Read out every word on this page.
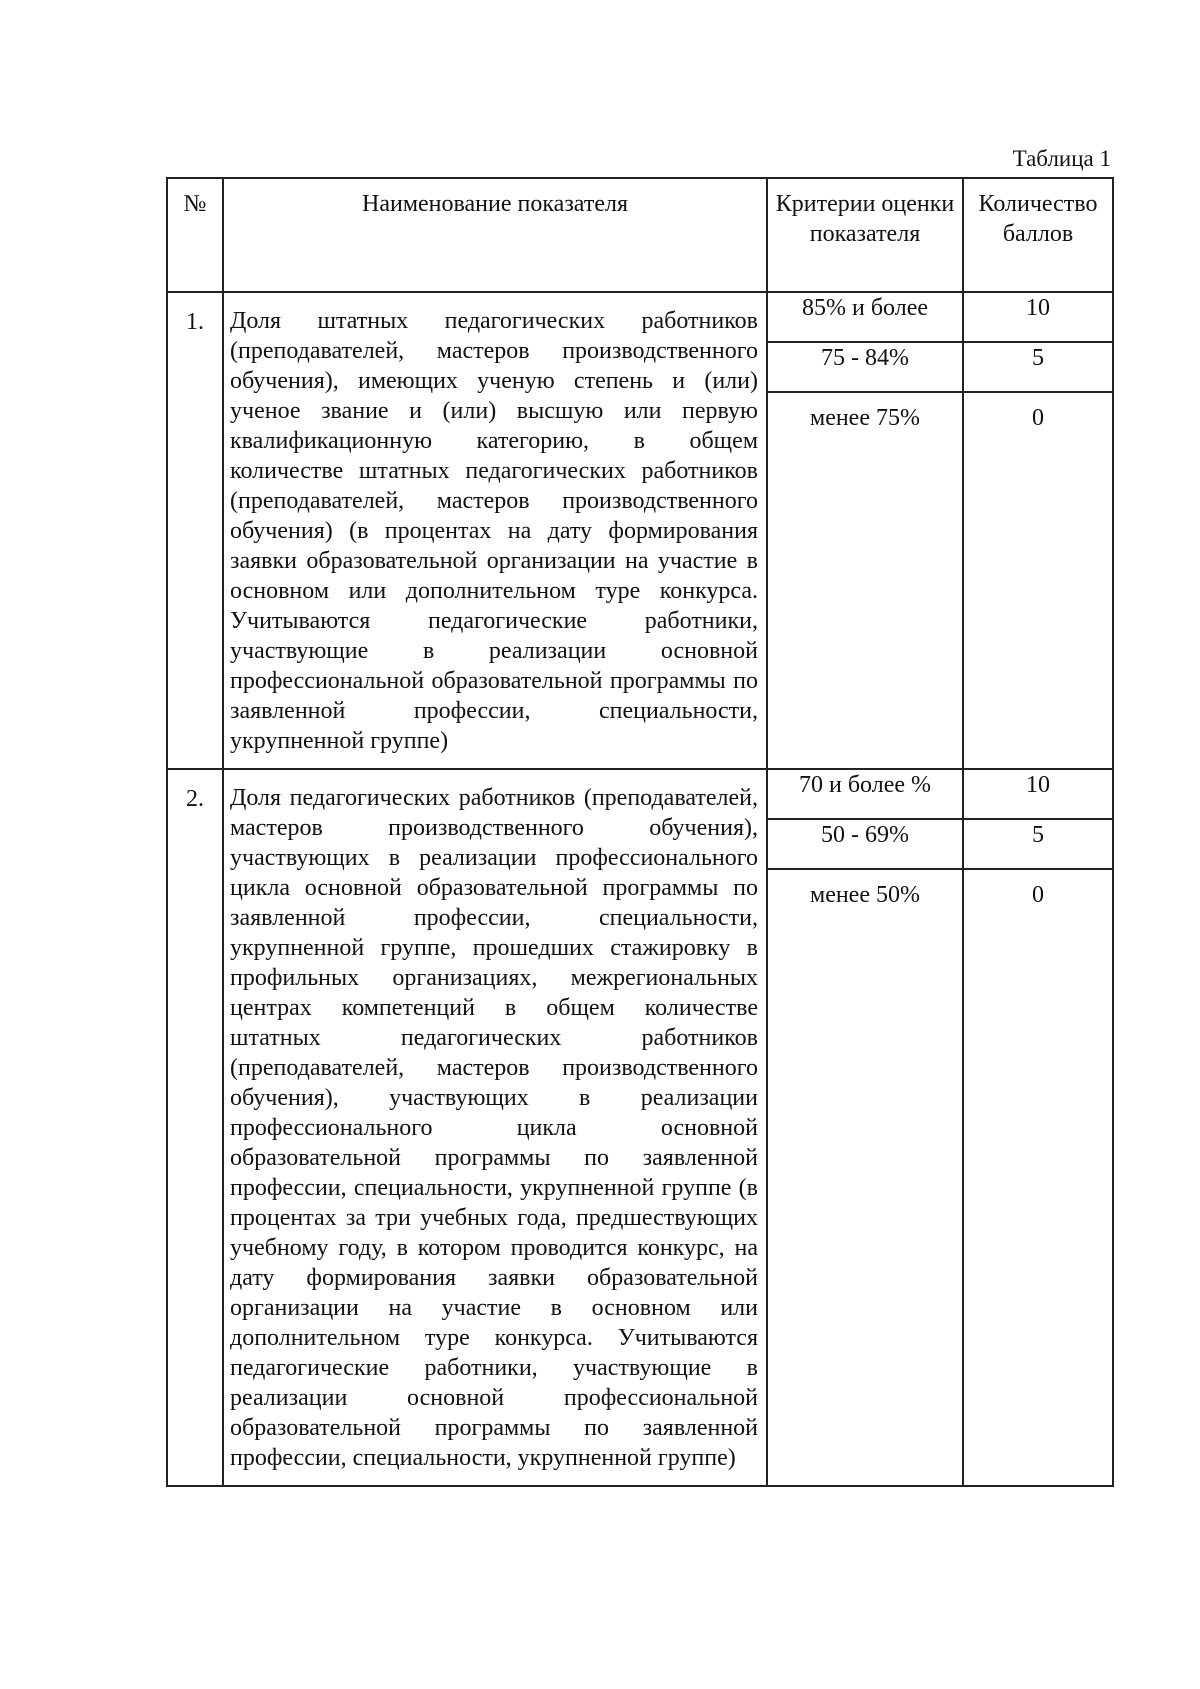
Таблица 1
№	Наименование показателя	Критерии оценки показателя	Количество баллов
1.	Доля штатных педагогических работников (преподавателей, мастеров производственного обучения), имеющих ученую степень и (или) ученое звание и (или) высшую или первую квалификационную категорию, в общем количестве штатных педагогических работников (преподавателей, мастеров производственного обучения) (в процентах на дату формирования заявки образовательной организации на участие в основном или дополнительном туре конкурса. Учитываются педагогические работники, участвующие в реализации основной профессиональной образовательной программы по заявленной профессии, специальности, укрупненной группе)	85% и более	10
		75 - 84%	5
		менее 75%	0
2.	Доля педагогических работников (преподавателей, мастеров производственного обучения), участвующих в реализации профессионального цикла основной образовательной программы по заявленной профессии, специальности, укрупненной группе, прошедших стажировку в профильных организациях, межрегиональных центрах компетенций в общем количестве штатных педагогических работников (преподавателей, мастеров производственного обучения), участвующих в реализации профессионального цикла основной образовательной программы по заявленной профессии, специальности, укрупненной группе (в процентах за три учебных года, предшествующих учебному году, в котором проводится конкурс, на дату формирования заявки образовательной организации на участие в основном или дополнительном туре конкурса. Учитываются педагогические работники, участвующие в реализации основной профессиональной образовательной программы по заявленной профессии, специальности, укрупненной группе)	70 и более %	10
		50 - 69%	5
		менее 50%	0
